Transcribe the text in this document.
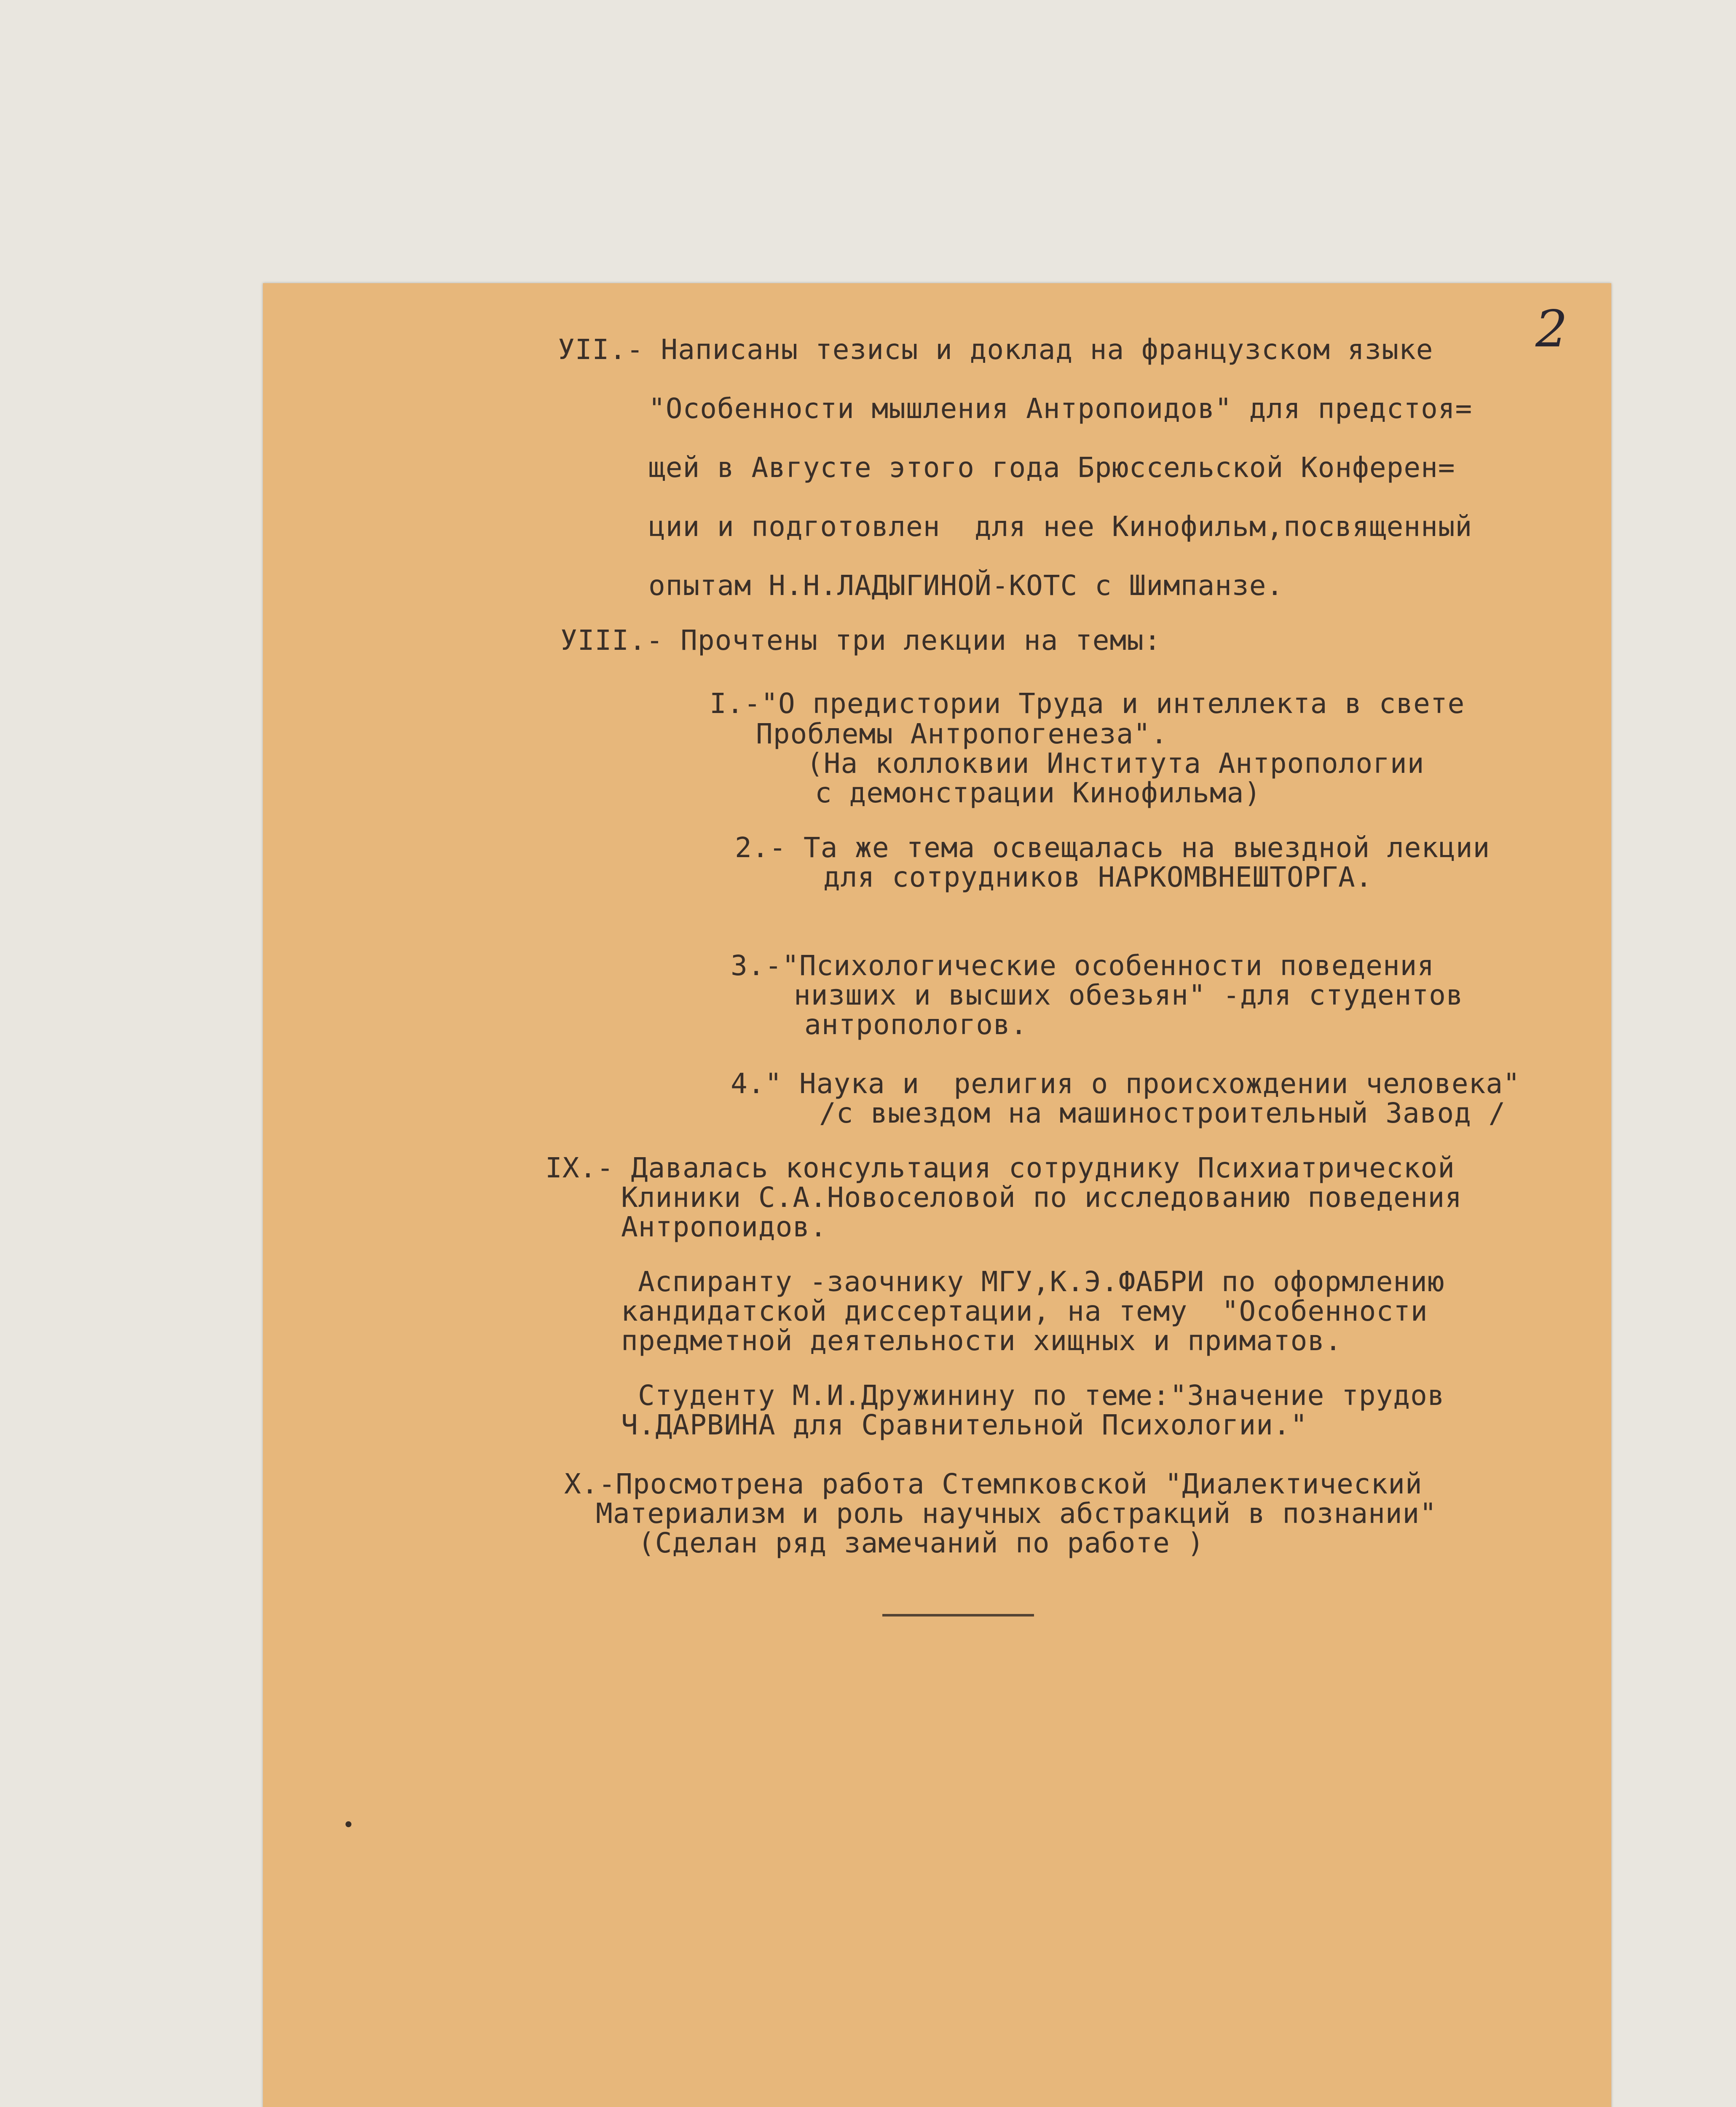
2
УII.- Написаны тезисы и доклад на французском языке
"Особенности мышления Антропоидов" для предстоя=
щей в Августе этого года Брюссельской Конферен=
ции и подготовлен  для нее Кинофильм,посвященный
опытам Н.Н.ЛАДЫГИНОЙ-КОТС с Шимпанзе.
УIII.- Прочтены три лекции на темы:
I.-"О предистории Труда и интеллекта в свете
Проблемы Антропогенеза".
(На коллоквии Института Антропологии
с демонстрации Кинофильма)
2.- Та же тема освещалась на выездной лекции
для сотрудников НАРКОМВНЕШТОРГА.
3.-"Психологические особенности поведения
низших и высших обезьян" -для студентов
антропологов.
4." Наука и  религия о происхождении человека"
/с выездом на машиностроительный Завод /
IX.- Давалась консультация сотруднику Психиатрической
Клиники С.А.Новоселовой по исследованию поведения
Антропоидов.
Аспиранту -заочнику МГУ,К.Э.ФАБРИ по оформлению
кандидатской диссертации, на тему  "Особенности
предметной деятельности хищных и приматов.
Студенту М.И.Дружинину по теме:"Значение трудов
Ч.ДАРВИНА для Сравнительной Психологии."
X.-Просмотрена работа Стемпковской "Диалектический
Материализм и роль научных абстракций в познании"
(Сделан ряд замечаний по работе )
